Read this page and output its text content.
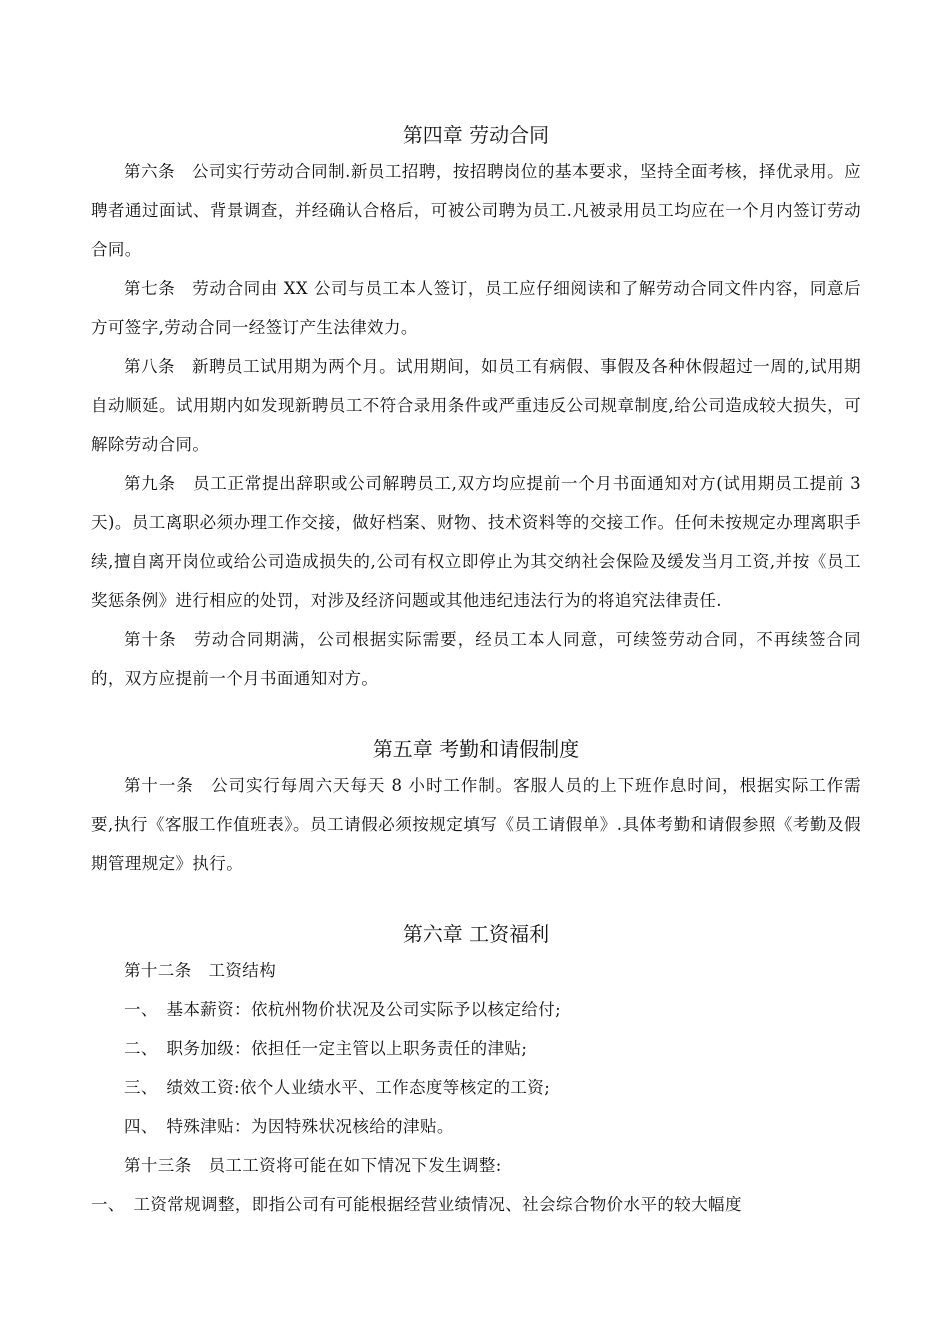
第四章 劳动合同

第六条　公司实行劳动合同制.新员工招聘，按招聘岗位的基本要求，坚持全面考核，择优录用。应聘者通过面试、背景调查，并经确认合格后，可被公司聘为员工.凡被录用员工均应在一个月内签订劳动合同。

第七条　劳动合同由 XX 公司与员工本人签订，员工应仔细阅读和了解劳动合同文件内容，同意后方可签字,劳动合同一经签订产生法律效力。

第八条　新聘员工试用期为两个月。试用期间，如员工有病假、事假及各种休假超过一周的,试用期自动顺延。试用期内如发现新聘员工不符合录用条件或严重违反公司规章制度,给公司造成较大损失，可解除劳动合同。

第九条　员工正常提出辞职或公司解聘员工,双方均应提前一个月书面通知对方(试用期员工提前 3 天)。员工离职必须办理工作交接，做好档案、财物、技术资料等的交接工作。任何未按规定办理离职手续,擅自离开岗位或给公司造成损失的,公司有权立即停止为其交纳社会保险及缓发当月工资,并按《员工奖惩条例》进行相应的处罚，对涉及经济问题或其他违纪违法行为的将追究法律责任.

第十条　劳动合同期满，公司根据实际需要，经员工本人同意，可续签劳动合同，不再续签合同的，双方应提前一个月书面通知对方。

第五章 考勤和请假制度

第十一条　公司实行每周六天每天 8 小时工作制。客服人员的上下班作息时间，根据实际工作需要,执行《客服工作值班表》。员工请假必须按规定填写《员工请假单》.具体考勤和请假参照《考勤及假期管理规定》执行。

第六章 工资福利

第十二条　工资结构

一、　基本薪资：依杭州物价状况及公司实际予以核定给付;

二、　职务加级：依担任一定主管以上职务责任的津贴;

三、　绩效工资:依个人业绩水平、工作态度等核定的工资;

四、　特殊津贴：为因特殊状况核给的津贴。

第十三条　员工工资将可能在如下情况下发生调整:

一、　工资常规调整，即指公司有可能根据经营业绩情况、社会综合物价水平的较大幅度
